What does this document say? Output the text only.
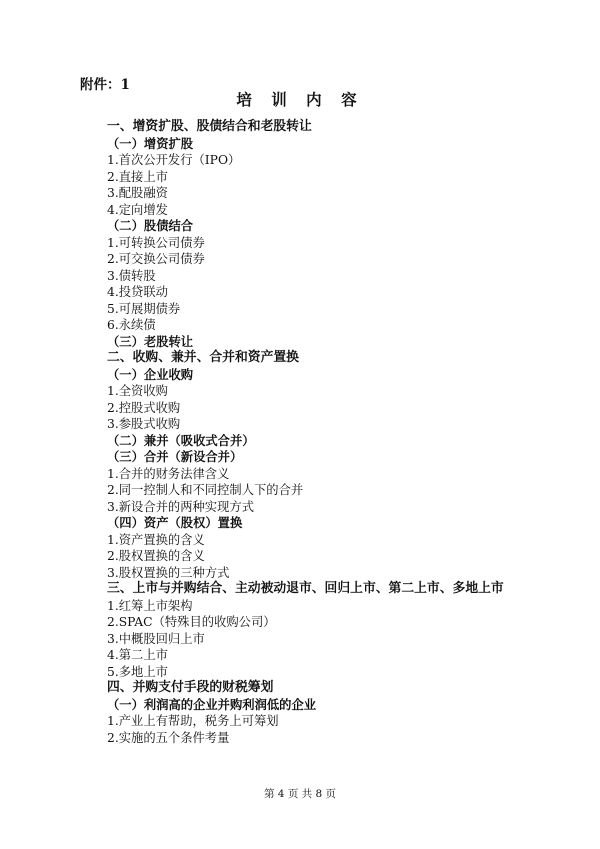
附件：1
培 训 内 容
一、增资扩股、股债结合和老股转让
（一）增资扩股
1.首次公开发行（IPO）
2.直接上市
3.配股融资
4.定向增发
（二）股债结合
1.可转换公司债券
2.可交换公司债券
3.债转股
4.投贷联动
5.可展期债券
6.永续债
（三）老股转让
二、收购、兼并、合并和资产置换
（一）企业收购
1.全资收购
2.控股式收购
3.参股式收购
（二）兼并（吸收式合并）
（三）合并（新设合并）
1.合并的财务法律含义
2.同一控制人和不同控制人下的合并
3.新设合并的两种实现方式
（四）资产（股权）置换
1.资产置换的含义
2.股权置换的含义
3.股权置换的三种方式
三、上市与并购结合、主动被动退市、回归上市、第二上市、多地上市
1.红筹上市架构
2.SPAC（特殊目的收购公司）
3.中概股回归上市
4.第二上市
5.多地上市
四、并购支付手段的财税筹划
（一）利润高的企业并购利润低的企业
1.产业上有帮助，税务上可筹划
2.实施的五个条件考量
第 4 页 共 8 页
